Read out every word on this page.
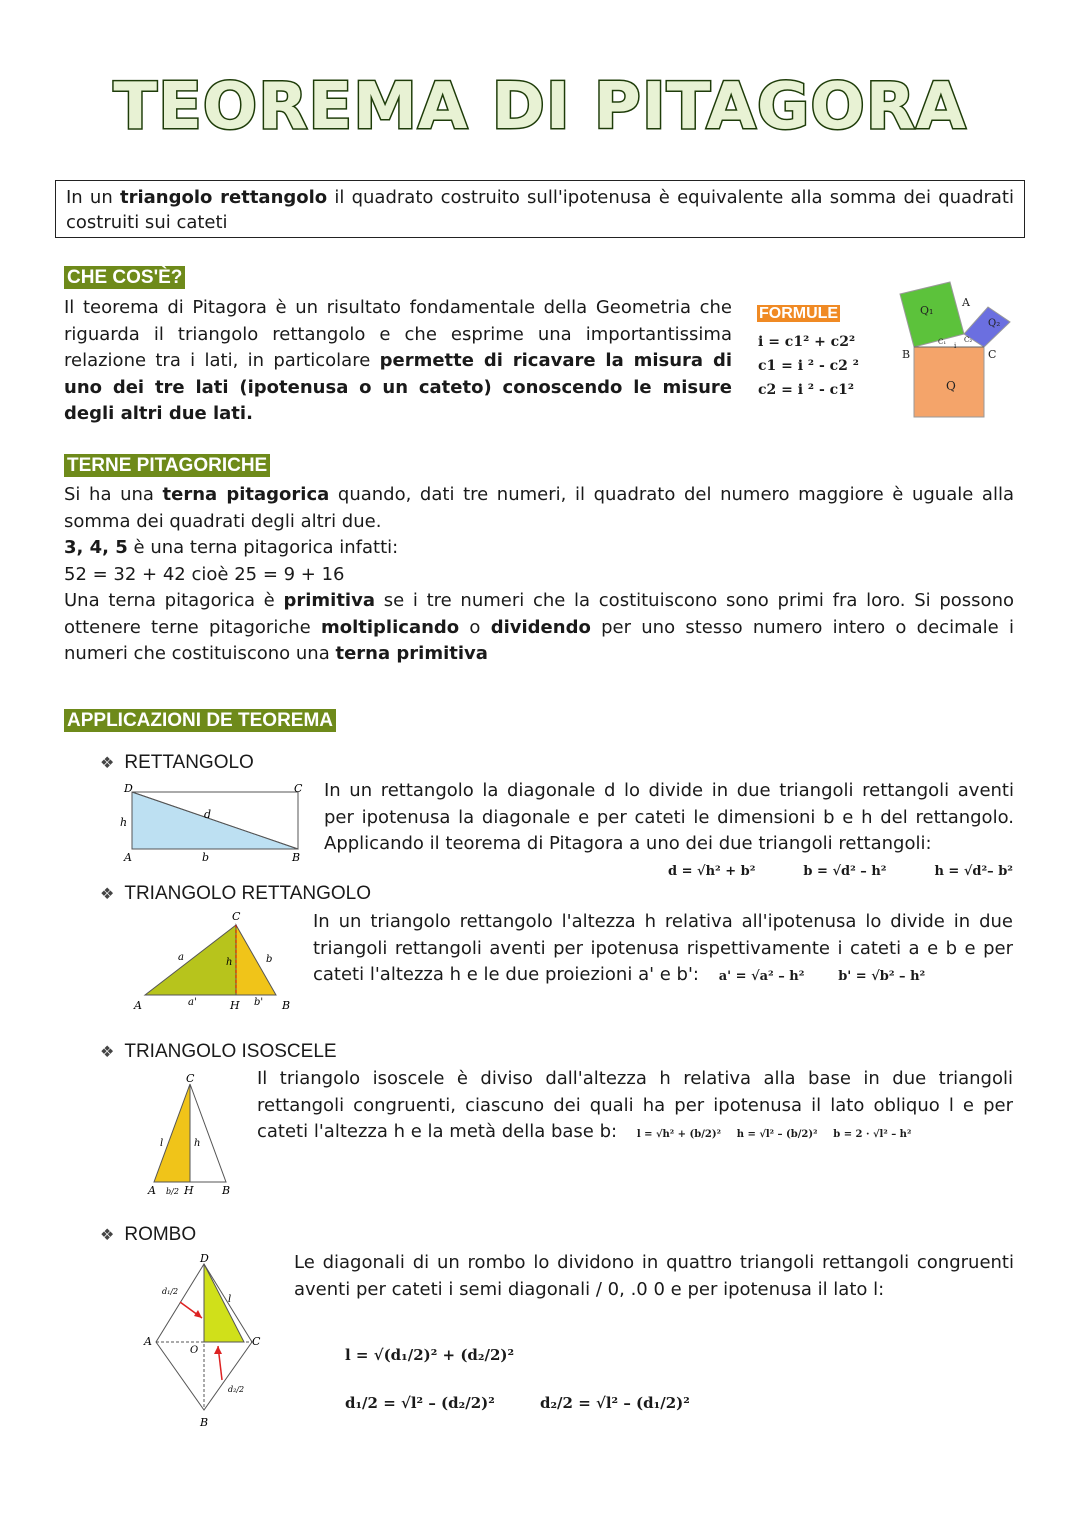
TEOREMA DI PITAGORA
In un triangolo rettangolo il quadrato costruito sull'ipotenusa è equivalente alla somma dei quadrati costruiti sui cateti
CHE COS'È?
Il teorema di Pitagora è un risultato fondamentale della Geometria che riguarda il triangolo rettangolo e che esprime una importantissima relazione tra i lati, in particolare permette di ricavare la misura di uno dei tre lati (ipotenusa o un cateto) conoscendo le misure degli altri due lati.
FORMULE
i = c1² + c2²
c1 = i ² - c2 ²
c2 = i ² - c1²
Q₁
Q₂
Q
A
B	C
C₁	C₂
i
TERNE PITAGORICHE
Si ha una terna pitagorica quando, dati tre numeri, il quadrato del numero maggiore è uguale alla somma dei quadrati degli altri due.
3, 4, 5 è una terna pitagorica infatti:
52 = 32 + 42 cioè 25 = 9 + 16
Una terna pitagorica è primitiva se i tre numeri che la costituiscono sono primi fra loro. Si possono ottenere terne pitagoriche moltiplicando o dividendo per uno stesso numero intero o decimale i numeri che costituiscono una terna primitiva
APPLICAZIONI DE TEOREMA
❖ RETTANGOLO
D	C
A	B
d
h
b
In un rettangolo la diagonale d lo divide in due triangoli rettangoli aventi per ipotenusa la diagonale e per cateti le dimensioni b e h del rettangolo. Applicando il teorema di Pitagora a uno dei due triangoli rettangoli:
d = √h² + b²	b = √d² – h²	h = √d²– b²
❖ TRIANGOLO RETTANGOLO
A	B
C
H
a	b
h
a'	b'
In un triangolo rettangolo l'altezza h relativa all'ipotenusa lo divide in due triangoli rettangoli aventi per ipotenusa rispettivamente i cateti a e b e per cateti l'altezza h e le due proiezioni a' e b': a' = √a² – h²	b' = √b² – h²
❖ TRIANGOLO ISOSCELE
C
A	B
H
l	h
b/2
Il triangolo isoscele è diviso dall'altezza h relativa alla base in due triangoli rettangoli congruenti, ciascuno dei quali ha per ipotenusa il lato obliquo l e per cateti l'altezza h e la metà della base b: l = √h² + (b/2)² h = √l² – (b/2)² b = 2 · √l² – h²
❖ ROMBO
D
A	C
B
O
l
d₁/2
d₂/2
Le diagonali di un rombo lo dividono in quattro triangoli rettangoli congruenti aventi per cateti i semi diagonali / 0, .0 0 e per ipotenusa il lato l:
l = √(d₁/2)² + (d₂/2)²
d₁/2 = √l² – (d₂/2)²	d₂/2 = √l² – (d₁/2)²
